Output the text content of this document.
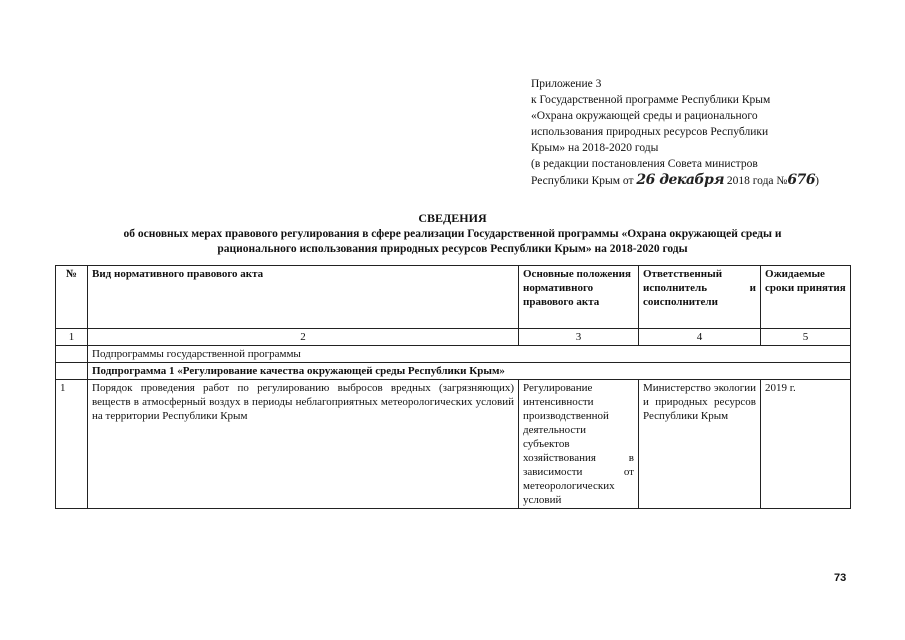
Приложение 3
к Государственной программе Республики Крым
«Охрана окружающей среды и рационального
использования природных ресурсов Республики
Крым» на 2018-2020 годы
(в редакции постановления Совета министров
Республики Крым от 26 декабря 2018 года №676)
СВЕДЕНИЯ
об основных мерах правового регулирования в сфере реализации Государственной программы «Охрана окружающей среды и
рационального использования природных ресурсов Республики Крым» на 2018-2020 годы
№	Вид нормативного правового акта	Основные положения нормативного правового акта	Ответственный исполнитель и соисполнители	Ожидаемые сроки принятия
1	2	3	4	5
	Подпрограммы государственной программы			
	Подпрограмма 1 «Регулирование качества окружающей среды Республики Крым»			
1	Порядок проведения работ по регулированию выбросов вредных (загрязняющих) веществ в атмосферный воздух в периоды неблагоприятных метеорологических условий на территории Республики Крым	Регулирование интенсивности производственной деятельности субъектов хозяйствования в зависимости от метеорологических условий	Министерство экологии и природных ресурсов Республики Крым	2019 г.
73
